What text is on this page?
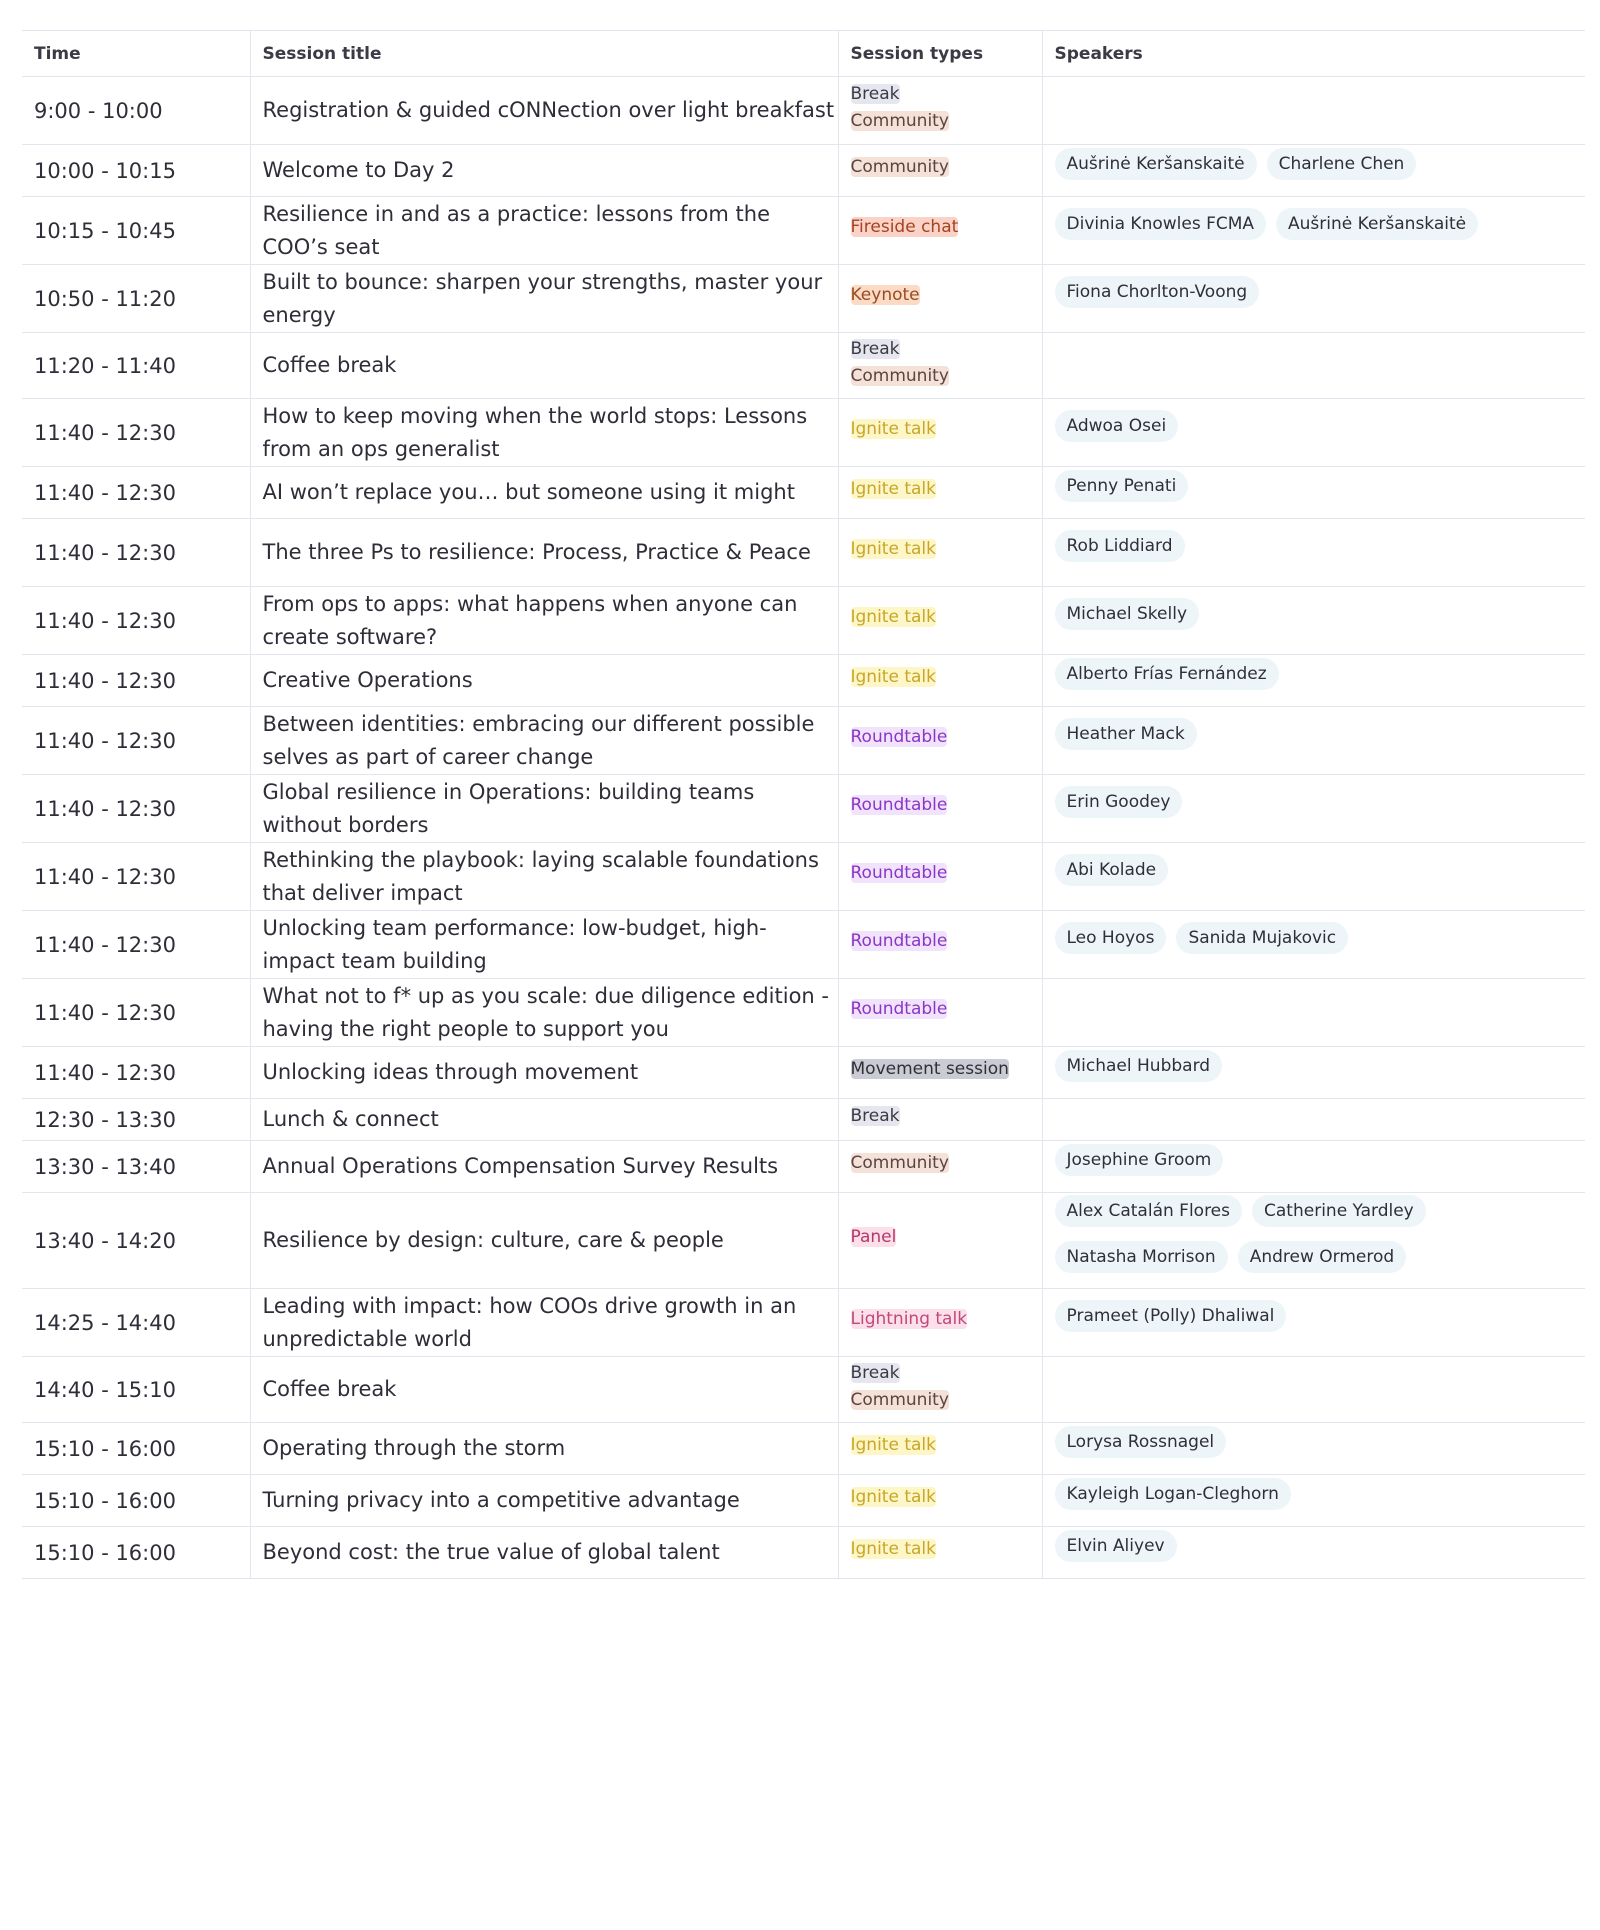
Time	Session title	Session types	Speakers
9:00 - 10:00	Registration & guided cONNection over light breakfast	Break
Community

10:00 - 10:15	Welcome to Day 2	Community	Aušrinė Keršanskaitė Charlene Chen
10:15 - 10:45	Resilience in and as a practice: lessons from the COO’s seat	Fireside chat	Divinia Knowles FCMA Aušrinė Keršanskaitė
10:50 - 11:20	Built to bounce: sharpen your strengths, master your energy	Keynote	Fiona Chorlton-Voong
11:20 - 11:40	Coffee break	Break
Community

11:40 - 12:30	How to keep moving when the world stops: Lessons from an ops generalist	Ignite talk	Adwoa Osei
11:40 - 12:30	AI won’t replace you… but someone using it might	Ignite talk	Penny Penati
11:40 - 12:30	The three Ps to resilience: Process, Practice & Peace	Ignite talk	Rob Liddiard
11:40 - 12:30	From ops to apps: what happens when anyone can create software?	Ignite talk	Michael Skelly
11:40 - 12:30	Creative Operations	Ignite talk	Alberto Frías Fernández
11:40 - 12:30	Between identities: embracing our different possible selves as part of career change	Roundtable	Heather Mack
11:40 - 12:30	Global resilience in Operations: building teams without borders	Roundtable	Erin Goodey
11:40 - 12:30	Rethinking the playbook: laying scalable foundations that deliver impact	Roundtable	Abi Kolade
11:40 - 12:30	Unlocking team performance: low-budget, high-impact team building	Roundtable	Leo Hoyos Sanida Mujakovic
11:40 - 12:30	What not to f* up as you scale: due diligence edition - having the right people to support you	Roundtable

11:40 - 12:30	Unlocking ideas through movement	Movement session	Michael Hubbard
12:30 - 13:30	Lunch & connect	Break

13:30 - 13:40	Annual Operations Compensation Survey Results	Community	Josephine Groom
13:40 - 14:20	Resilience by design: culture, care & people	Panel	Alex Catalán Flores Catherine YardleyNatasha Morrison Andrew Ormerod
14:25 - 14:40	Leading with impact: how COOs drive growth in an unpredictable world	Lightning talk	Prameet (Polly) Dhaliwal
14:40 - 15:10	Coffee break	Break
Community

15:10 - 16:00	Operating through the storm	Ignite talk	Lorysa Rossnagel
15:10 - 16:00	Turning privacy into a competitive advantage	Ignite talk	Kayleigh Logan-Cleghorn
15:10 - 16:00	Beyond cost: the true value of global talent	Ignite talk	Elvin Aliyev
